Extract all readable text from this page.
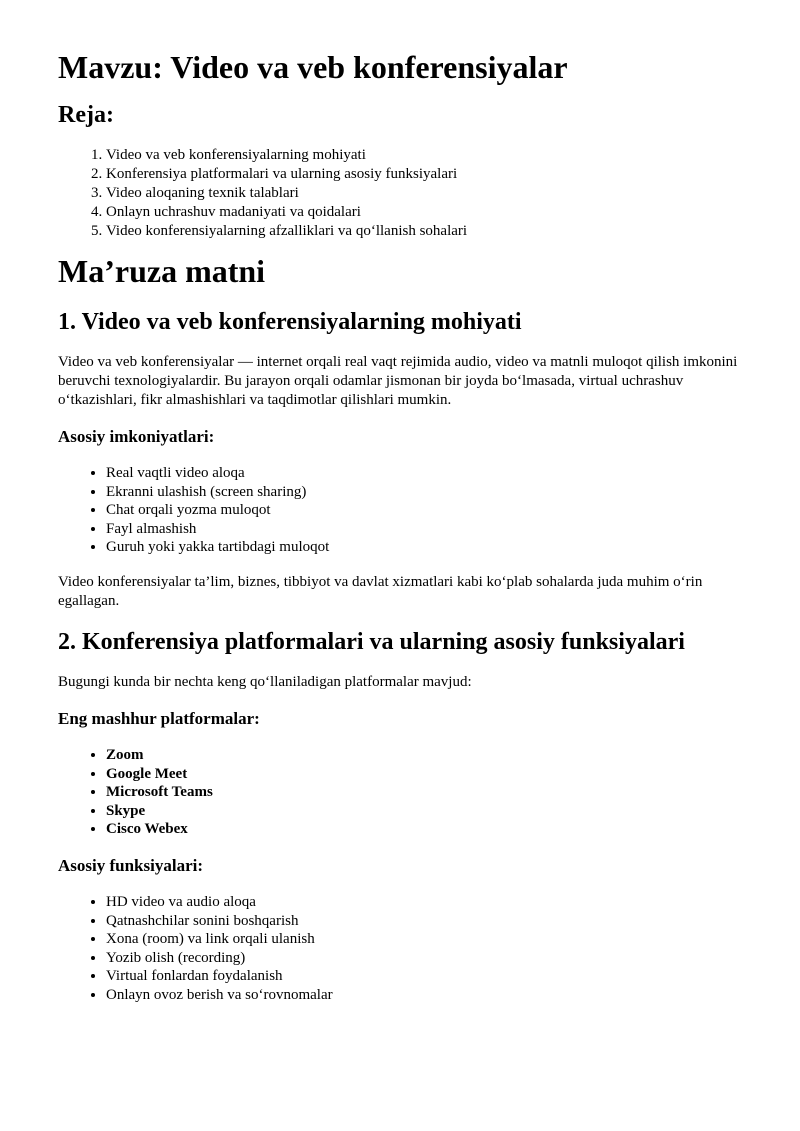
Mavzu: Video va veb konferensiyalar
Reja:
1. Video va veb konferensiyalarning mohiyati
2. Konferensiya platformalari va ularning asosiy funksiyalari
3. Video aloqaning texnik talablari
4. Onlayn uchrashuv madaniyati va qoidalari
5. Video konferensiyalarning afzalliklari va qo‘llanish sohalari
Ma’ruza matni
1. Video va veb konferensiyalarning mohiyati

Video va veb konferensiyalar — internet orqali real vaqt rejimida audio, video va matnli muloqot qilish imkonini beruvchi texnologiyalardir. Bu jarayon orqali odamlar jismonan bir joyda bo‘lmasada, virtual uchrashuv o‘tkazishlari, fikr almashishlari va taqdimotlar qilishlari mumkin.

Asosiy imkoniyatlari:
• Real vaqtli video aloqa
• Ekranni ulashish (screen sharing)
• Chat orqali yozma muloqot
• Fayl almashish
• Guruh yoki yakka tartibdagi muloqot

Video konferensiyalar ta’lim, biznes, tibbiyot va davlat xizmatlari kabi ko‘plab sohalarda juda muhim o‘rin egallagan.

2. Konferensiya platformalari va ularning asosiy funksiyalari

Bugungi kunda bir nechta keng qo‘llaniladigan platformalar mavjud:

Eng mashhur platformalar:
• Zoom
• Google Meet
• Microsoft Teams
• Skype
• Cisco Webex
Asosiy funksiyalari:
• HD video va audio aloqa
• Qatnashchilar sonini boshqarish
• Xona (room) va link orqali ulanish
• Yozib olish (recording)
• Virtual fonlardan foydalanish
• Onlayn ovoz berish va so‘rovnomalar
